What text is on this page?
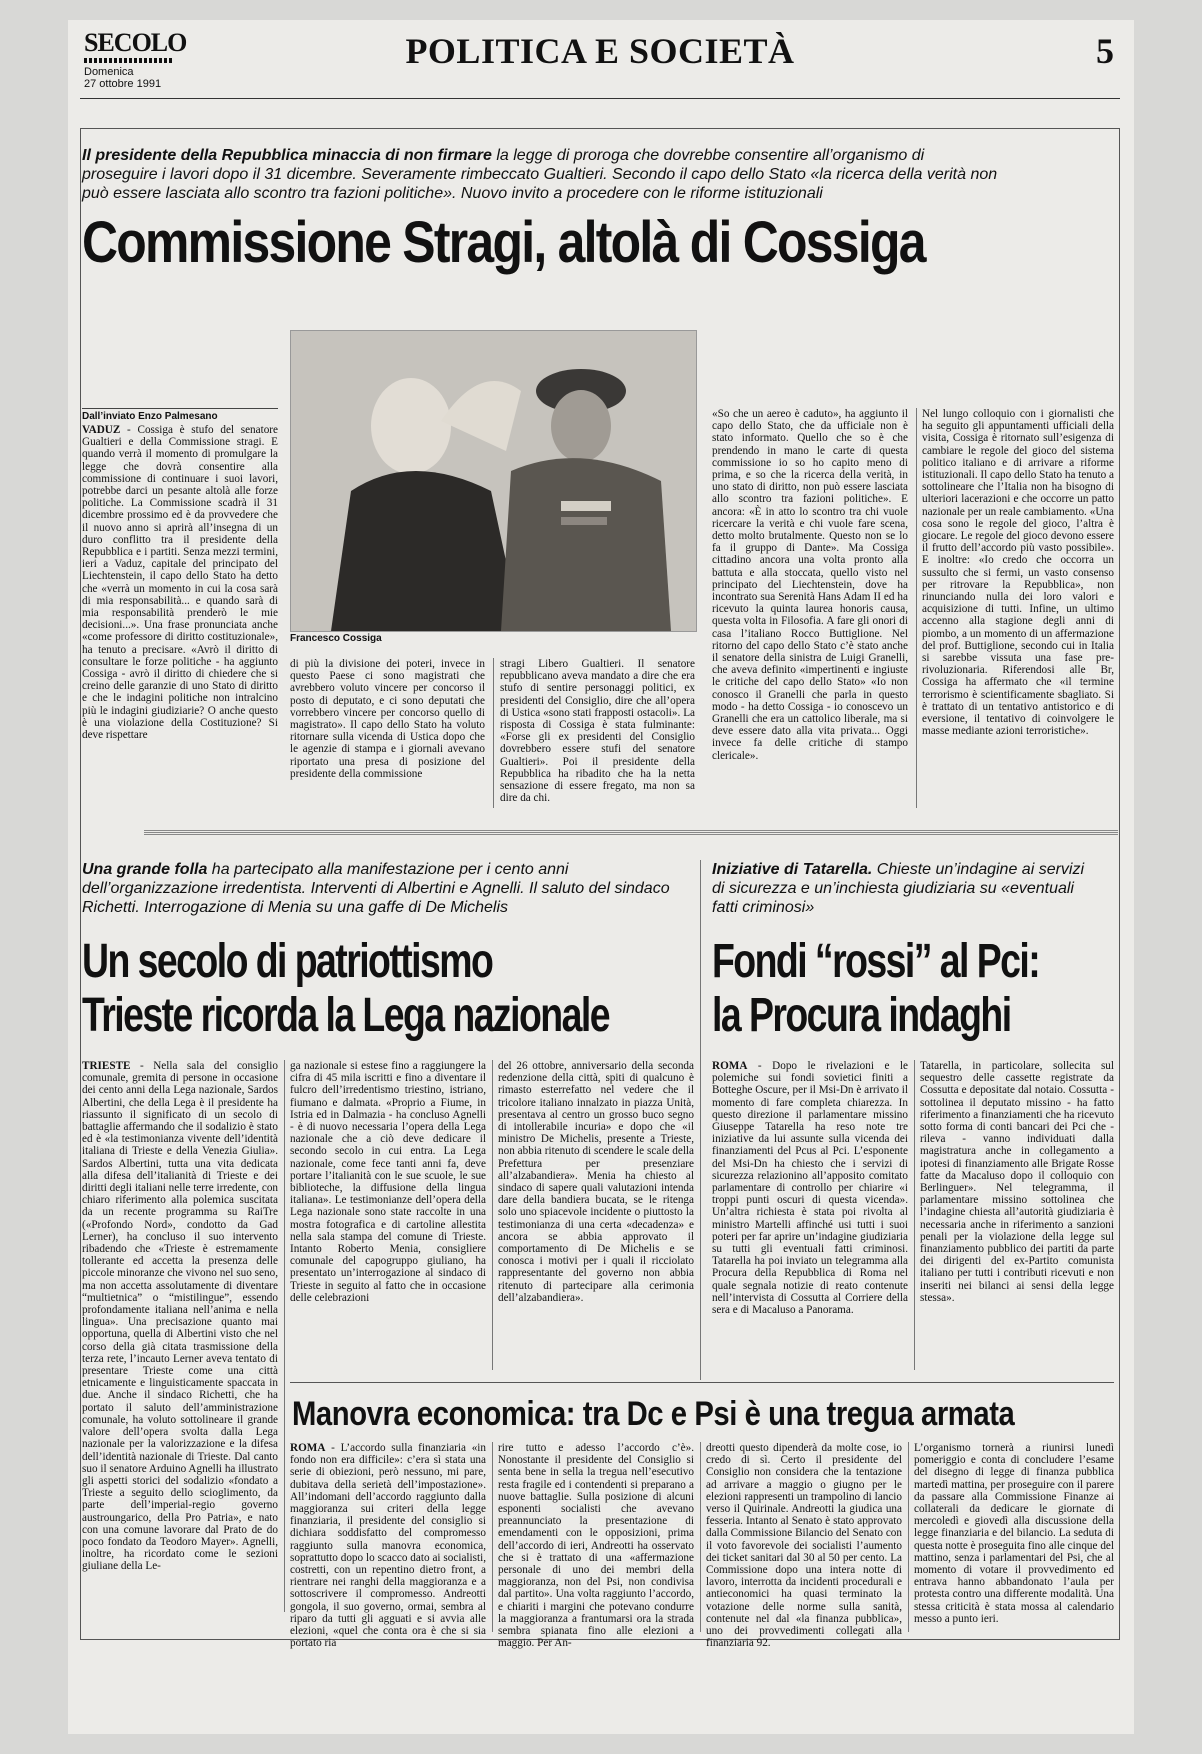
SECOLO
Domenica
27 ottobre 1991
POLITICA E SOCIETÀ	5
Il presidente della Repubblica minaccia di non firmare la legge di proroga che dovrebbe consentire all’organismo di proseguire i lavori dopo il 31 dicembre. Severamente rimbeccato Gualtieri. Secondo il capo dello Stato «la ricerca della verità non può essere lasciata allo scontro tra fazioni politiche». Nuovo invito a procedere con le riforme istituzionali
Commissione Stragi, altolà di Cossiga
Dall’inviato Enzo Palmesano
VADUZ - Cossiga è stufo del senatore Gualtieri e della Commissione stragi. E quando verrà il momento di promulgare la legge che dovrà consentire alla commissione di continuare i suoi lavori, potrebbe darci un pesante altolà alle forze politiche. La Commissione scadrà il 31 dicembre prossimo ed è da provvedere che il nuovo anno si aprirà all’insegna di un duro conflitto tra il presidente della Repubblica e i partiti. Senza mezzi termini, ieri a Vaduz, capitale del principato del Liechtenstein, il capo dello Stato ha detto che «verrà un momento in cui la cosa sarà di mia responsabilità... e quando sarà di mia responsabilità prenderò le mie decisioni...». Una frase pronunciata anche «come professore di diritto costituzionale», ha tenuto a precisare. «Avrò il diritto di consultare le forze politiche - ha aggiunto Cossiga - avrò il diritto di chiedere che si creino delle garanzie di uno Stato di diritto e che le indagini politiche non intralcino più le indagini giudiziarie? O anche questo è una violazione della Costituzione? Si deve rispettare
Francesco Cossiga
di più la divisione dei poteri, invece in questo Paese ci sono magistrati che avrebbero voluto vincere per concorso il posto di deputato, e ci sono deputati che vorrebbero vincere per concorso quello di magistrato». Il capo dello Stato ha voluto ritornare sulla vicenda di Ustica dopo che le agenzie di stampa e i giornali avevano riportato una presa di posizione del presidente della commissione
stragi Libero Gualtieri. Il senatore repubblicano aveva mandato a dire che era stufo di sentire personaggi politici, ex presidenti del Consiglio, dire che all’opera di Ustica «sono stati frapposti ostacoli». La risposta di Cossiga è stata fulminante: «Forse gli ex presidenti del Consiglio dovrebbero essere stufi del senatore Gualtieri». Poi il presidente della Repubblica ha ribadito che ha la netta sensazione di essere fregato, ma non sa dire da chi.
«So che un aereo è caduto», ha aggiunto il capo dello Stato, che da ufficiale non è stato informato. Quello che so è che prendendo in mano le carte di questa commissione io so ho capito meno di prima, e so che la ricerca della verità, in uno stato di diritto, non può essere lasciata allo scontro tra fazioni politiche». E ancora: «È in atto lo scontro tra chi vuole ricercare la verità e chi vuole fare scena, detto molto brutalmente. Questo non se lo fa il gruppo di Dante». Ma Cossiga cittadino ancora una volta pronto alla battuta e alla stoccata, quello visto nel principato del Liechtenstein, dove ha incontrato sua Serenità Hans Adam II ed ha ricevuto la quinta laurea honoris causa, questa volta in Filosofia. A fare gli onori di casa l’italiano Rocco Buttiglione. Nel ritorno del capo dello Stato c’è stato anche il senatore della sinistra de Luigi Granelli, che aveva definito «impertinenti e ingiuste le critiche del capo dello Stato» «Io non conosco il Granelli che parla in questo modo - ha detto Cossiga - io conoscevo un Granelli che era un cattolico liberale, ma si deve essere dato alla vita privata... Oggi invece fa delle critiche di stampo clericale».
Nel lungo colloquio con i giornalisti che ha seguito gli appuntamenti ufficiali della visita, Cossiga è ritornato sull’esigenza di cambiare le regole del gioco del sistema politico italiano e di arrivare a riforme istituzionali. Il capo dello Stato ha tenuto a sottolineare che l’Italia non ha bisogno di ulteriori lacerazioni e che occorre un patto nazionale per un reale cambiamento. «Una cosa sono le regole del gioco, l’altra è giocare. Le regole del gioco devono essere il frutto dell’accordo più vasto possibile». E inoltre: «Io credo che occorra un sussulto che si fermi, un vasto consenso per ritrovare la Repubblica», non rinunciando nulla dei loro valori e acquisizione di tutti. Infine, un ultimo accenno alla stagione degli anni di piombo, a un momento di un affermazione del prof. Buttiglione, secondo cui in Italia si sarebbe vissuta una fase pre-rivoluzionaria. Riferendosi alle Br, Cossiga ha affermato che «il termine terrorismo è scientificamente sbagliato. Si è trattato di un tentativo antistorico e di eversione, il tentativo di coinvolgere le masse mediante azioni terroristiche».
Una grande folla ha partecipato alla manifestazione per i cento anni dell’organizzazione irredentista. Interventi di Albertini e Agnelli. Il saluto del sindaco Richetti. Interrogazione di Menia su una gaffe di De Michelis
Un secolo di patriottismo
Trieste ricorda la Lega nazionale
TRIESTE - Nella sala del consiglio comunale, gremita di persone in occasione dei cento anni della Lega nazionale, Sardos Albertini, che della Lega è il presidente ha riassunto il significato di un secolo di battaglie affermando che il sodalizio è stato ed è «la testimonianza vivente dell’identità italiana di Trieste e della Venezia Giulia». Sardos Albertini, tutta una vita dedicata alla difesa dell’italianità di Trieste e dei diritti degli italiani nelle terre irredente, con chiaro riferimento alla polemica suscitata da un recente programma su RaiTre («Profondo Nord», condotto da Gad Lerner), ha concluso il suo intervento ribadendo che «Trieste è estremamente tollerante ed accetta la presenza delle piccole minoranze che vivono nel suo seno, ma non accetta assolutamente di diventare “multietnica” o “mistilingue”, essendo profondamente italiana nell’anima e nella lingua». Una precisazione quanto mai opportuna, quella di Albertini visto che nel corso della già citata trasmissione della terza rete, l’incauto Lerner aveva tentato di presentare Trieste come una città etnicamente e linguisticamente spaccata in due. Anche il sindaco Richetti, che ha portato il saluto dell’amministrazione comunale, ha voluto sottolineare il grande valore dell’opera svolta dalla Lega nazionale per la valorizzazione e la difesa dell’identità nazionale di Trieste. Dal canto suo il senatore Arduino Agnelli ha illustrato gli aspetti storici del sodalizio «fondato a Trieste a seguito dello scioglimento, da parte dell’imperial-regio governo austroungarico, della Pro Patria», e nato con una comune lavorare dal Prato de do poco fondato da Teodoro Mayer». Agnelli, inoltre, ha ricordato come le sezioni giuliane della Le-
ga nazionale si estese fino a raggiungere la cifra di 45 mila iscritti e fino a diventare il fulcro dell’irredentismo triestino, istriano, fiumano e dalmata. «Proprio a Fiume, in Istria ed in Dalmazia - ha concluso Agnelli - è di nuovo necessaria l’opera della Lega nazionale che a ciò deve dedicare il secondo secolo in cui entra. La Lega nazionale, come fece tanti anni fa, deve portare l’italianità con le sue scuole, le sue biblioteche, la diffusione della lingua italiana». Le testimonianze dell’opera della Lega nazionale sono state raccolte in una mostra fotografica e di cartoline allestita nella sala stampa del comune di Trieste. Intanto Roberto Menia, consigliere comunale del capogruppo giuliano, ha presentato un’interrogazione al sindaco di Trieste in seguito al fatto che in occasione delle celebrazioni
del 26 ottobre, anniversario della seconda redenzione della città, spiti di qualcuno è rimasto esterrefatto nel vedere che il tricolore italiano innalzato in piazza Unità, presentava al centro un grosso buco segno di intollerabile incuria» e dopo che «il ministro De Michelis, presente a Trieste, non abbia ritenuto di scendere le scale della Prefettura per presenziare all’alzabandiera». Menia ha chiesto al sindaco di sapere quali valutazioni intenda dare della bandiera bucata, se le ritenga solo uno spiacevole incidente o piuttosto la testimonianza di una certa «decadenza» e ancora se abbia approvato il comportamento di De Michelis e se conosca i motivi per i quali il ricciolato rappresentante del governo non abbia ritenuto di partecipare alla cerimonia dell’alzabandiera».
Iniziative di Tatarella. Chieste un’indagine ai servizi di sicurezza e un’inchiesta giudiziaria su «eventuali fatti criminosi»
Fondi “rossi” al Pci:
la Procura indaghi
ROMA - Dopo le rivelazioni e le polemiche sui fondi sovietici finiti a Botteghe Oscure, per il Msi-Dn è arrivato il momento di fare completa chiarezza. In questo direzione il parlamentare missino Giuseppe Tatarella ha reso note tre iniziative da lui assunte sulla vicenda dei finanziamenti del Pcus al Pci. L’esponente del Msi-Dn ha chiesto che i servizi di sicurezza relazionino all’apposito comitato parlamentare di controllo per chiarire «i troppi punti oscuri di questa vicenda». Un’altra richiesta è stata poi rivolta al ministro Martelli affinché usi tutti i suoi poteri per far aprire un’indagine giudiziaria su tutti gli eventuali fatti criminosi. Tatarella ha poi inviato un telegramma alla Procura della Repubblica di Roma nel quale segnala notizie di reato contenute nell’intervista di Cossutta al Corriere della sera e di Macaluso a Panorama.
Tatarella, in particolare, sollecita sul sequestro delle cassette registrate da Cossutta e depositate dal notaio. Cossutta - sottolinea il deputato missino - ha fatto riferimento a finanziamenti che ha ricevuto sotto forma di conti bancari dei Pci che - rileva - vanno individuati dalla magistratura anche in collegamento a ipotesi di finanziamento alle Brigate Rosse fatte da Macaluso dopo il colloquio con Berlinguer». Nel telegramma, il parlamentare missino sottolinea che l’indagine chiesta all’autorità giudiziaria è necessaria anche in riferimento a sanzioni penali per la violazione della legge sul finanziamento pubblico dei partiti da parte dei dirigenti del ex-Partito comunista italiano per tutti i contributi ricevuti e non inseriti nei bilanci ai sensi della legge stessa».
Manovra economica: tra Dc e Psi è una tregua armata
ROMA - L’accordo sulla finanziaria «in fondo non era difficile»: c’era sì stata una serie di obiezioni, però nessuno, mi pare, dubitava della serietà dell’impostazione». All’indomani dell’accordo raggiunto dalla maggioranza sui criteri della legge finanziaria, il presidente del consiglio si dichiara soddisfatto del compromesso raggiunto sulla manovra economica, soprattutto dopo lo scacco dato ai socialisti, costretti, con un repentino dietro front, a rientrare nei ranghi della maggioranza e a sottoscrivere il compromesso. Andreotti gongola, il suo governo, ormai, sembra al riparo da tutti gli agguati e si avvia alle elezioni, «quel che conta ora è che si sia portato ria
rire tutto e adesso l’accordo c’è». Nonostante il presidente del Consiglio si senta bene in sella la tregua nell’esecutivo resta fragile ed i contendenti si preparano a nuove battaglie. Sulla posizione di alcuni esponenti socialisti che avevano preannunciato la presentazione di emendamenti con le opposizioni, prima dell’accordo di ieri, Andreotti ha osservato che si è trattato di una «affermazione personale di uno dei membri della maggioranza, non del Psi, non condivisa dal partito». Una volta raggiunto l’accordo, e chiariti i margini che potevano condurre la maggioranza a frantumarsi ora la strada sembra spianata fino alle elezioni a maggio. Per An-
dreotti questo dipenderà da molte cose, io credo di sì. Certo il presidente del Consiglio non considera che la tentazione ad arrivare a maggio o giugno per le elezioni rappresenti un trampolino di lancio verso il Quirinale. Andreotti la giudica una fesseria. Intanto al Senato è stato approvato dalla Commissione Bilancio del Senato con il voto favorevole dei socialisti l’aumento dei ticket sanitari dal 30 al 50 per cento. La Commissione dopo una intera notte di lavoro, interrotta da incidenti procedurali e antieconomici ha quasi terminato la votazione delle norme sulla sanità, contenute nel dal «la finanza pubblica», uno dei provvedimenti collegati alla finanziaria 92.
L’organismo tornerà a riunirsi lunedì pomeriggio e conta di concludere l’esame del disegno di legge di finanza pubblica martedì mattina, per proseguire con il parere da passare alla Commissione Finanze ai collaterali da dedicare le giornate di mercoledì e giovedì alla discussione della legge finanziaria e del bilancio. La seduta di questa notte è proseguita fino alle cinque del mattino, senza i parlamentari del Psi, che al momento di votare il provvedimento ed entrava hanno abbandonato l’aula per protesta contro una differente modalità. Una stessa criticità è stata mossa al calendario messo a punto ieri.
